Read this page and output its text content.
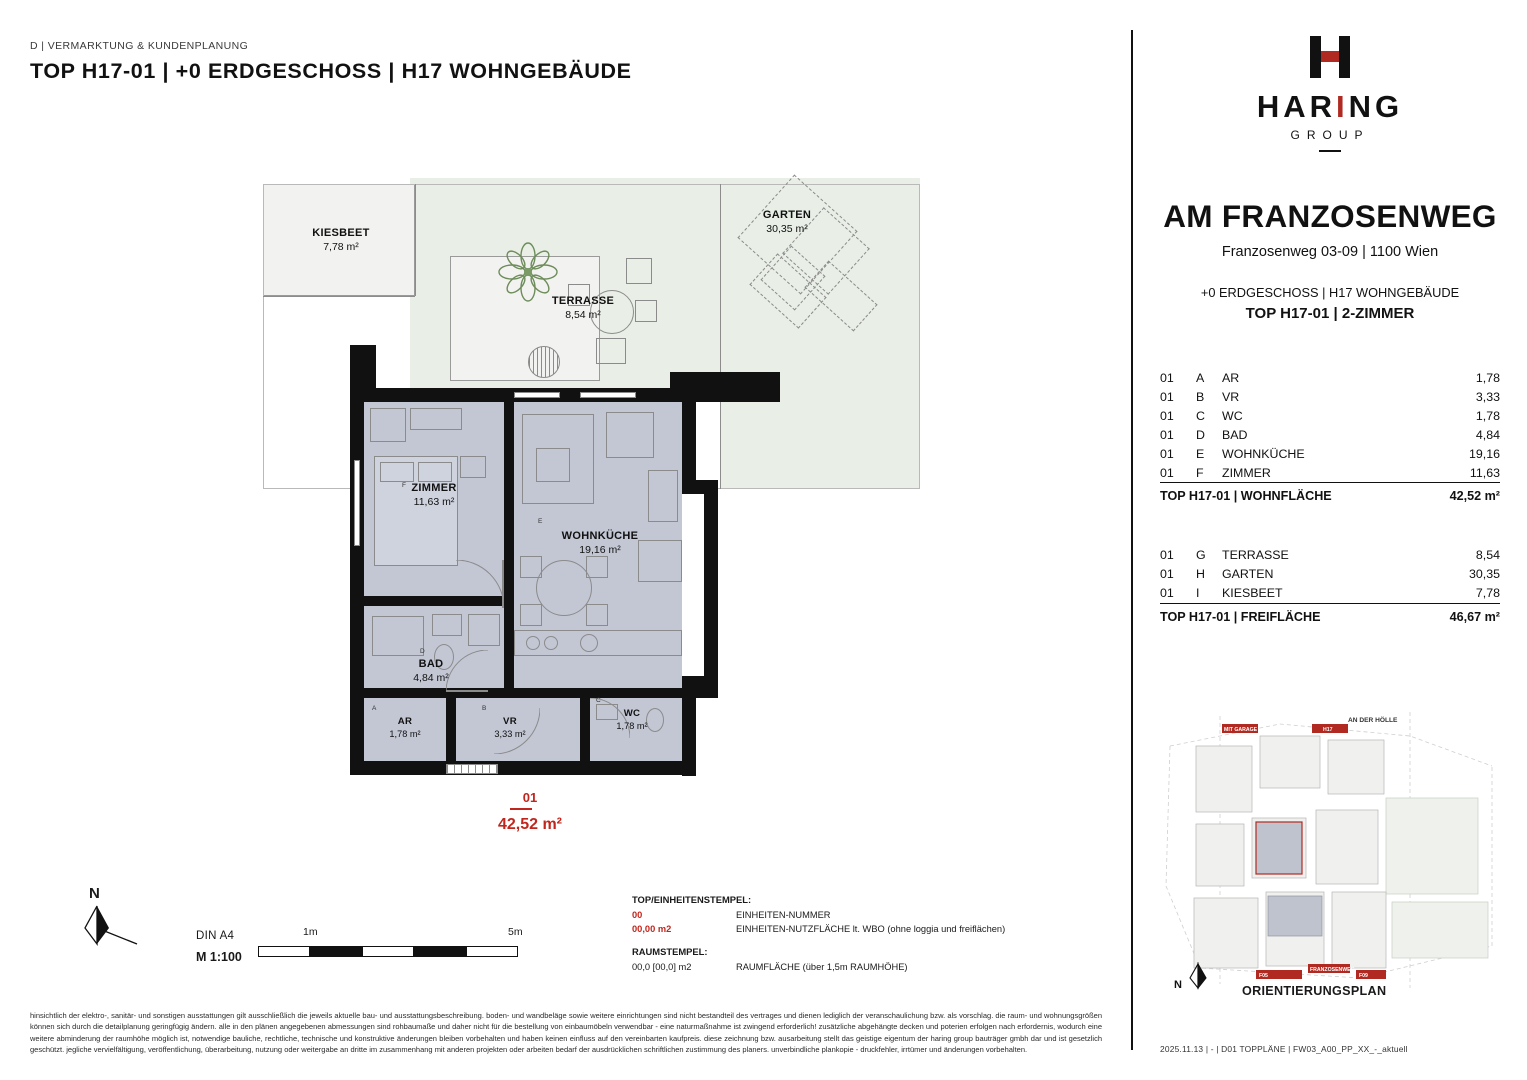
D | VERMARKTUNG & KUNDENPLANUNG
TOP H17-01 | +0 ERDGESCHOSS | H17 WOHNGEBÄUDE
KIESBEET
7,78 m²
GARTEN
30,35 m²
TERRASSE
8,54 m²
F ZIMMER
11,63 m²
E
WOHNKÜCHE
19,16 m²
D
BAD
4,84 m²
A
AR
1,78 m²
B
VR
3,33 m²
C
WC
1,78 m²
01
42,52 m²
N
DIN A4
M 1:100
1m	5m
TOP/EINHEITENSTEMPEL:
00	EINHEITEN-NUMMER
00,00 m2	EINHEITEN-NUTZFLÄCHE lt. WBO (ohne loggia und freiflächen)
RAUMSTEMPEL:
00,0 [00,0] m2	RAUMFLÄCHE (über 1,5m RAUMHÖHE)
hinsichtlich der elektro-, sanitär- und sonstigen ausstattungen gilt ausschließlich die jeweils aktuelle bau- und ausstattungsbeschreibung. boden- und wandbeläge sowie weitere einrichtungen sind nicht bestandteil des vertrages und dienen lediglich der veranschaulichung bzw. als vorschlag. die raum- und wohnungsgrößen können sich durch die detailplanung geringfügig ändern. alle in den plänen angegebenen abmessungen sind rohbaumaße und daher nicht für die bestellung von einbaumöbeln verwendbar - eine naturmaßnahme ist zwingend erforderlich! zusätzliche abgehängte decken und poterien erfolgen nach erfordernis, wodurch eine weitere abminderung der raumhöhe möglich ist, notwendige bauliche, rechtliche, technische und konstruktive änderungen bleiben vorbehalten und haben keinen einfluss auf den vereinbarten kaufpreis. diese zeichnung bzw. ausarbeitung stellt das geistige eigentum der haring group bauträger gmbh dar und ist gesetzlich geschützt. jegliche vervielfältigung, veröffentlichung, überarbeitung, nutzung oder weitergabe an dritte im zusammenhang mit anderen projekten oder arbeiten bedarf der ausdrücklichen schriftlichen zustimmung des planers. unverbindliche plankopie - druckfehler, irrtümer und änderungen vorbehalten.
HARING
GROUP
AM FRANZOSENWEG
Franzosenweg 03-09 | 1100 Wien
+0 ERDGESCHOSS | H17 WOHNGEBÄUDE
TOP H17-01 | 2-ZIMMER
01	A	AR	1,78
01	B	VR	3,33
01	C	WC	1,78
01	D	BAD	4,84
01	E	WOHNKÜCHE	19,16
01	F	ZIMMER	11,63
TOP H17-01 | WOHNFLÄCHE			42,52 m²
01	G	TERRASSE	8,54
01	H	GARTEN	30,35
01	I	KIESBEET	7,78
TOP H17-01 | FREIFLÄCHE			46,67 m²
MIT GARAGE	H17
F05	F09
FRANZOSENWEG
AN DER HÖLLE
N	ORIENTIERUNGSPLAN
2025.11.13 | - | D01 TOPPLÄNE | FW03_A00_PP_XX_-_aktuell
